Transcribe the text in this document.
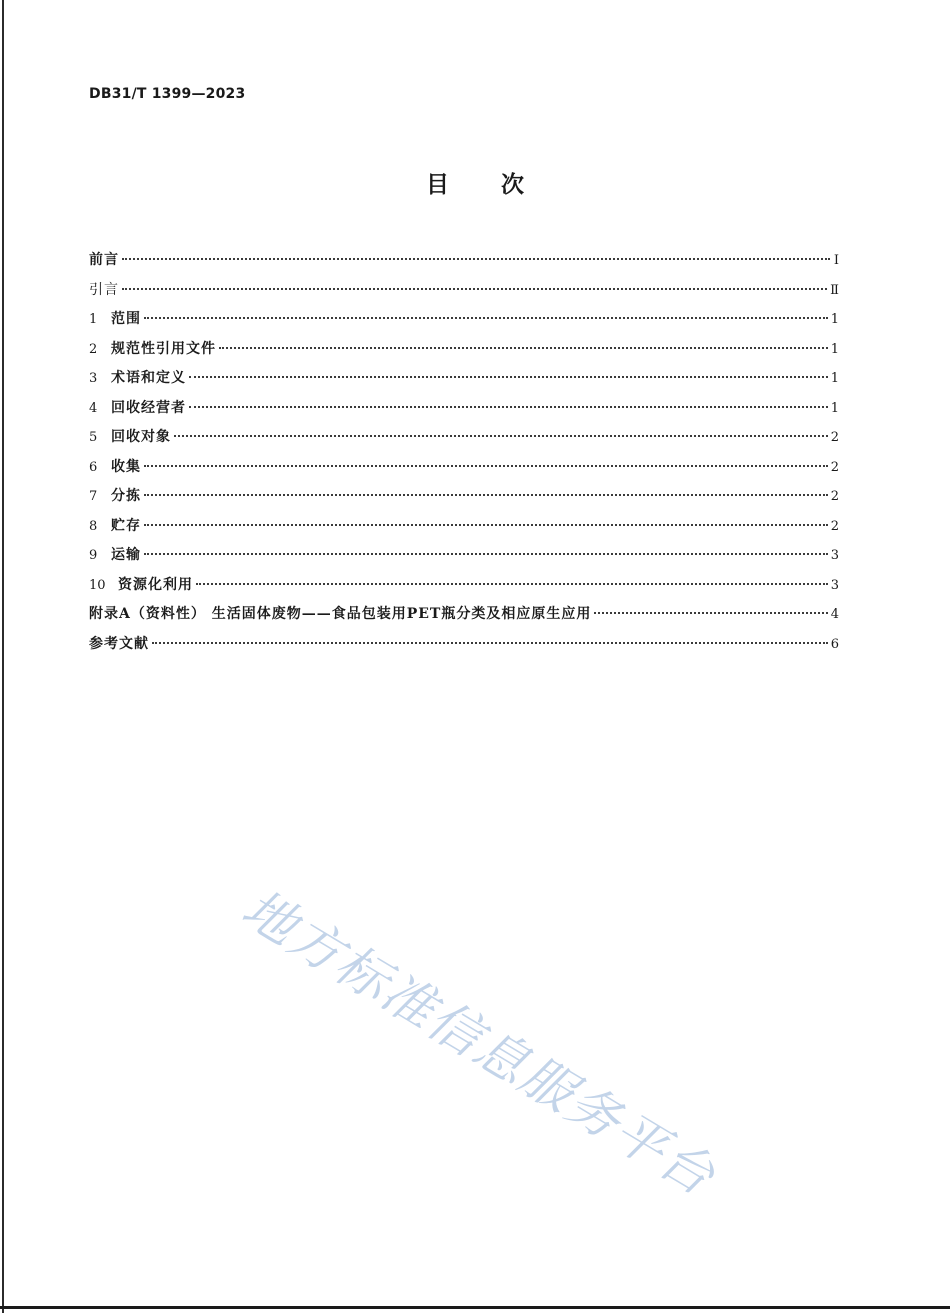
DB31/T 1399—2023
目次
前言	Ⅰ
引言	Ⅱ
1 范围	1
2 规范性引用文件	1
3 术语和定义	1
4 回收经营者	1
5 回收对象	2
6 收集	2
7 分拣	2
8 贮存	2
9 运输	3
10 资源化利用	3
附录A（资料性） 生活固体废物——食品包装用PET瓶分类及相应原生应用	4
参考文献	6
地方标准信息服务平台
